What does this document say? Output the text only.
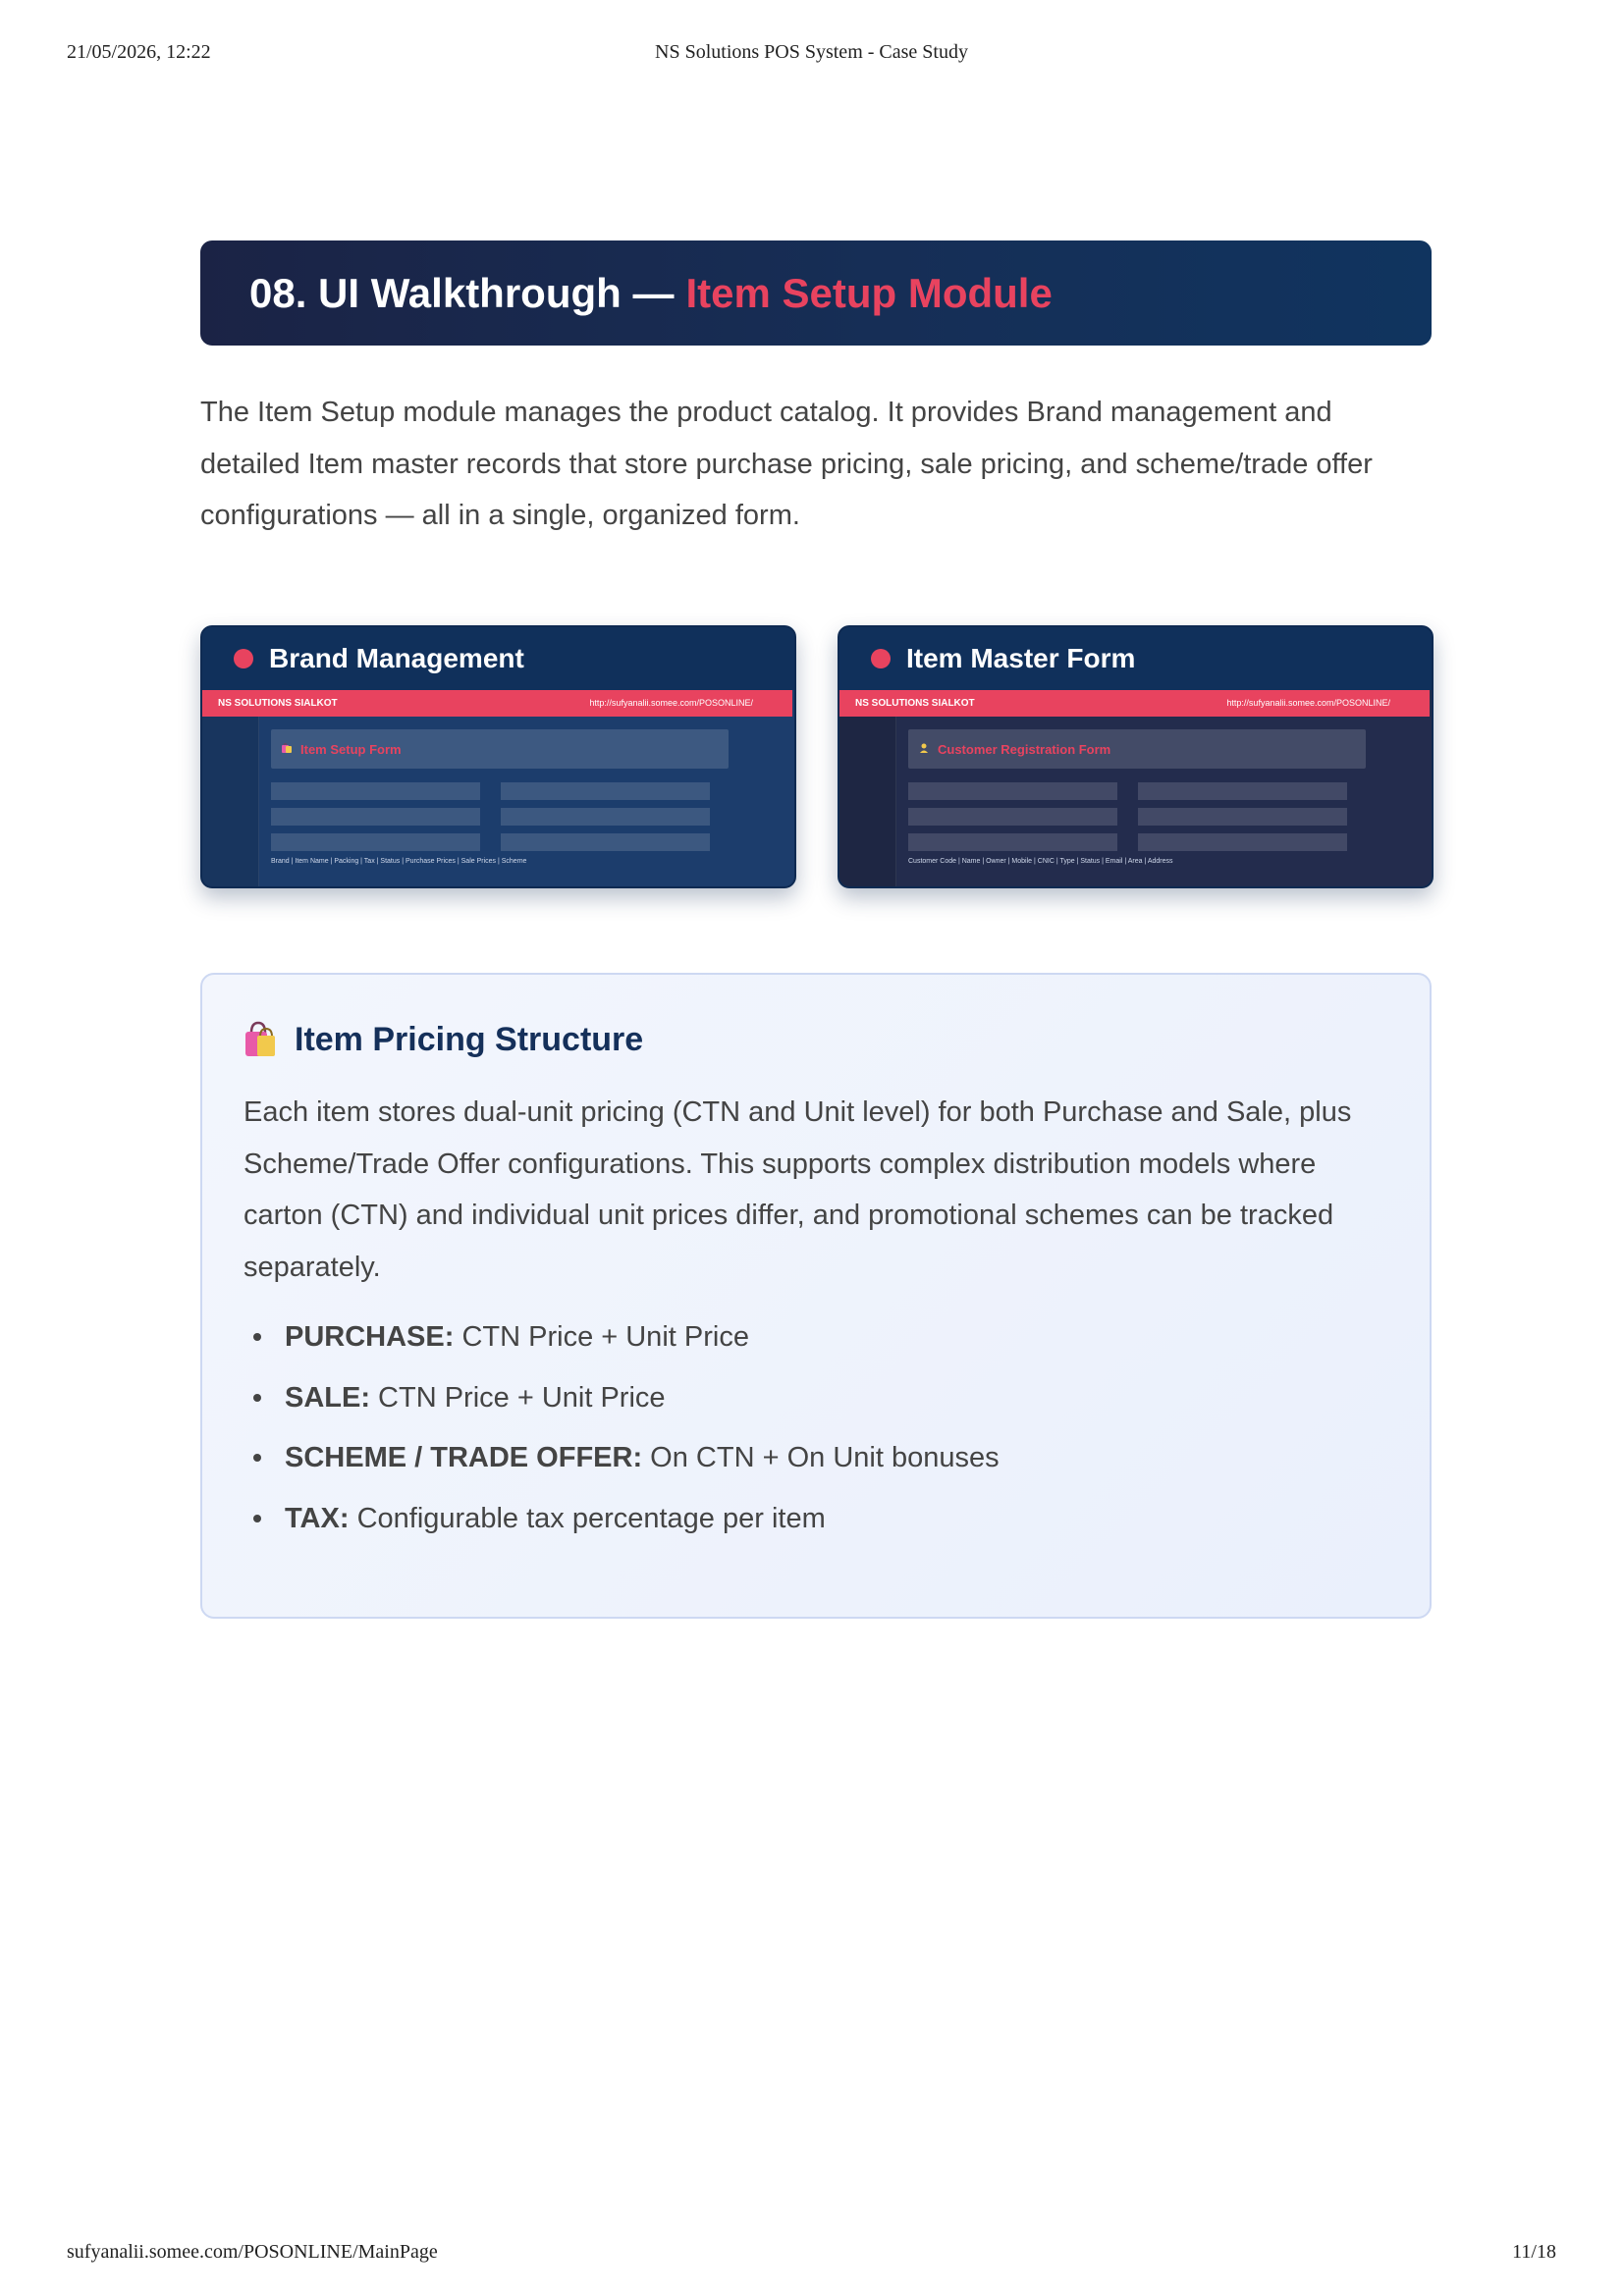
21/05/2026, 12:22	NS Solutions POS System - Case Study
08. UI Walkthrough — Item Setup Module

The Item Setup module manages the product catalog. It provides Brand management and detailed Item master records that store purchase pricing, sale pricing, and scheme/trade offer configurations — all in a single, organized form.

Brand Management
NS SOLUTIONS SIALKOT	http://sufyanalii.somee.com/POSONLINE/
Item Setup Form
Brand | Item Name | Packing | Tax | Status | Purchase Prices | Sale Prices | Scheme
Item Master Form
NS SOLUTIONS SIALKOT	http://sufyanalii.somee.com/POSONLINE/
Customer Registration Form
Customer Code | Name | Owner | Mobile | CNIC | Type | Status | Email | Area | Address
Item Pricing Structure

Each item stores dual-unit pricing (CTN and Unit level) for both Purchase and Sale, plus Scheme/Trade Offer configurations. This supports complex distribution models where carton (CTN) and individual unit prices differ, and promotional schemes can be tracked separately.

PURCHASE: CTN Price + Unit Price
SALE: CTN Price + Unit Price
SCHEME / TRADE OFFER: On CTN + On Unit bonuses
TAX: Configurable tax percentage per item
sufyanalii.somee.com/POSONLINE/MainPage	11/18
